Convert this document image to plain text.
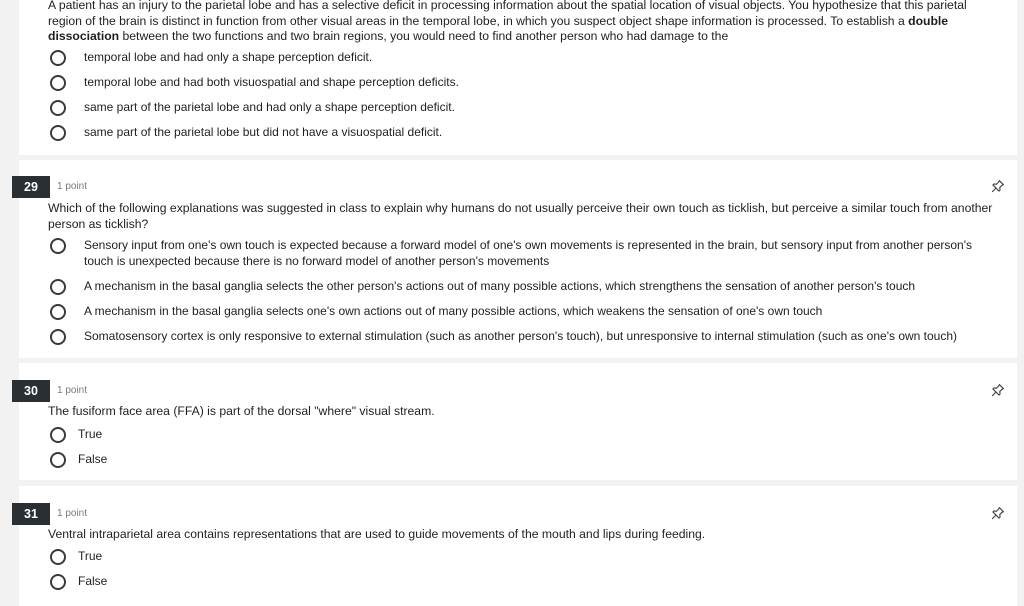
A patient has an injury to the parietal lobe and has a selective deficit in processing information about the spatial location of visual objects. You hypothesize that this parietal region of the brain is distinct in function from other visual areas in the temporal lobe, in which you suspect object shape information is processed. To establish a double dissociation between the two functions and two brain regions, you would need to find another person who had damage to the
temporal lobe and had only a shape perception deficit.
temporal lobe and had both visuospatial and shape perception deficits.
same part of the parietal lobe and had only a shape perception deficit.
same part of the parietal lobe but did not have a visuospatial deficit.
29	1 point
Which of the following explanations was suggested in class to explain why humans do not usually perceive their own touch as ticklish, but perceive a similar touch from another person as ticklish?
Sensory input from one's own touch is expected because a forward model of one's own movements is represented in the brain, but sensory input from another person's touch is unexpected because there is no forward model of another person's movements
A mechanism in the basal ganglia selects the other person's actions out of many possible actions, which strengthens the sensation of another person's touch
A mechanism in the basal ganglia selects one's own actions out of many possible actions, which weakens the sensation of one's own touch
Somatosensory cortex is only responsive to external stimulation (such as another person's touch), but unresponsive to internal stimulation (such as one's own touch)
30	1 point
The fusiform face area (FFA) is part of the dorsal "where" visual stream.
True
False
31	1 point
Ventral intraparietal area contains representations that are used to guide movements of the mouth and lips during feeding.
True
False
